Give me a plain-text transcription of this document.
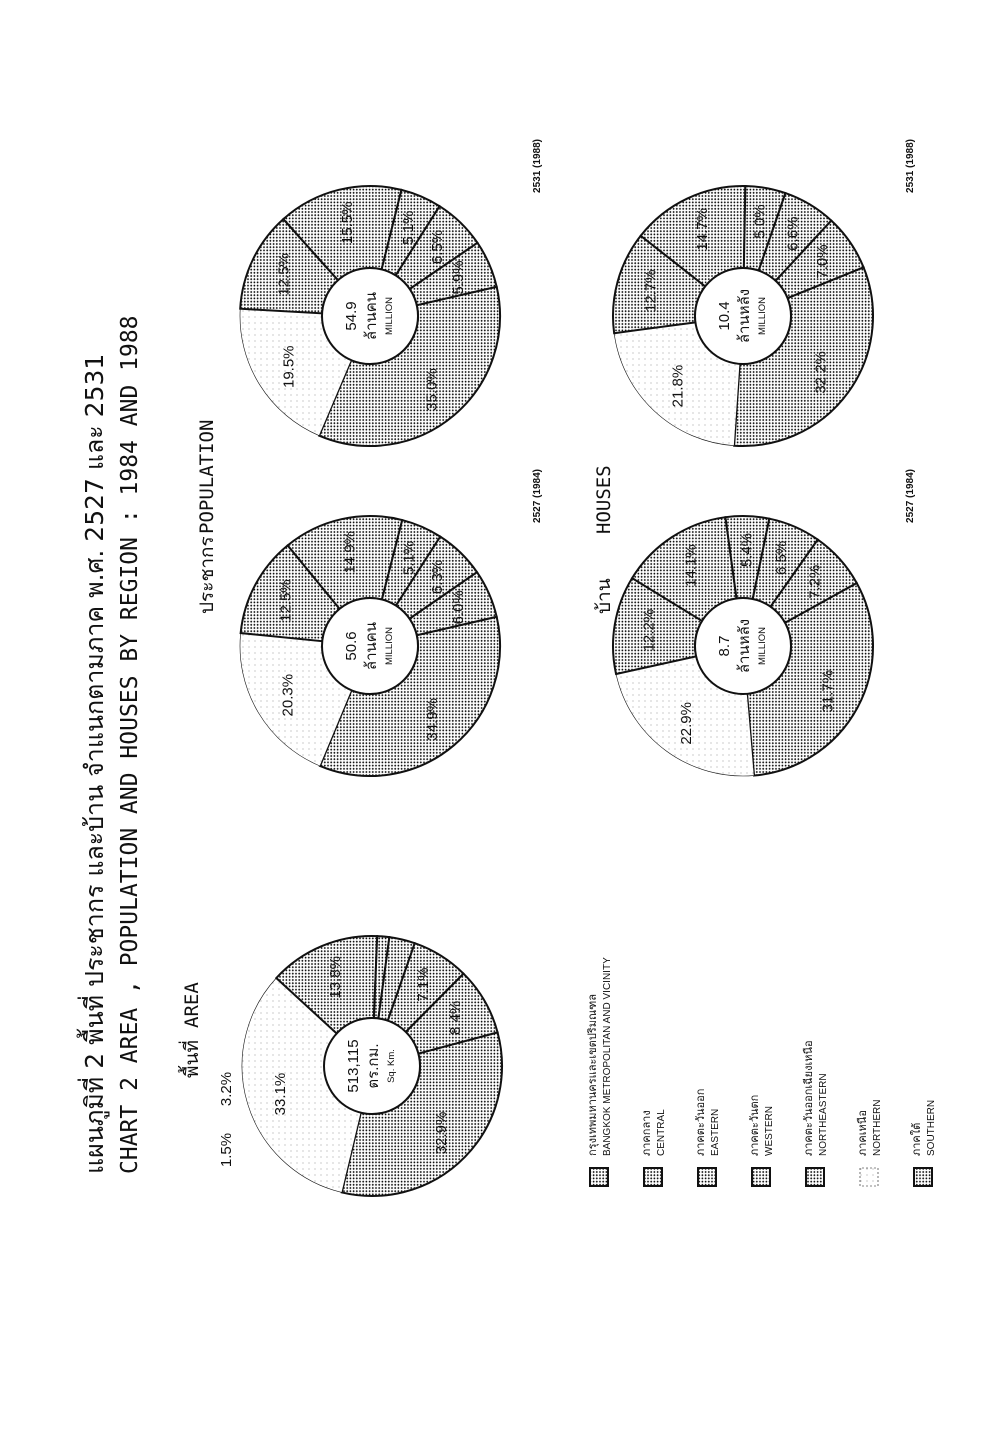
แผนภูมิที่ 2 พื้นที่ ประชากร และบ้าน จำแนกตามภาค พ.ศ. 2527 และ 2531 CHART 2 AREA , POPULATION AND HOUSES BY REGION : 1984 AND 1988 พื้นที่
AREA
ประชากร
POPULATION
บ้าน
HOUSES
32.9%
33.1%
13.8%
1.5%
3.2%
7.1%
8.4%
513,115 ตร.กม. Sq. Km.
34.9%
20.3%
12.5%
14.9%	5.1%
6.3%
6.0%
50.6 ล้านคน MILLION
2527 (1984)
35.0%
19.5%
12.5%
15.5%	5.1%
6.5%
5.9%
54.9 ล้านคน MILLION
2531 (1988)
31.7%
22.9%
12.2%
14.1%	5.4% 6.5%
7.2%
8.7 ล้านหลัง MILLION
2527 (1984)
32.2%
21.8%
12.7%
14.7%	5.0% 6.6%
7.0%
10.4 ล้านหลัง MILLION
2531 (1988)
กรุงเทพมหานครและเขตปริมณฑล BANGKOK METROPOLITAN AND VICINITY ภาคกลาง CENTRAL ภาคตะวันออก EASTERN ภาคตะวันตก WESTERN ภาคตะวันออกเฉียงเหนือ NORTHEASTERN ภาคเหนือ NORTHERN ภาคใต้ SOUTHERN
